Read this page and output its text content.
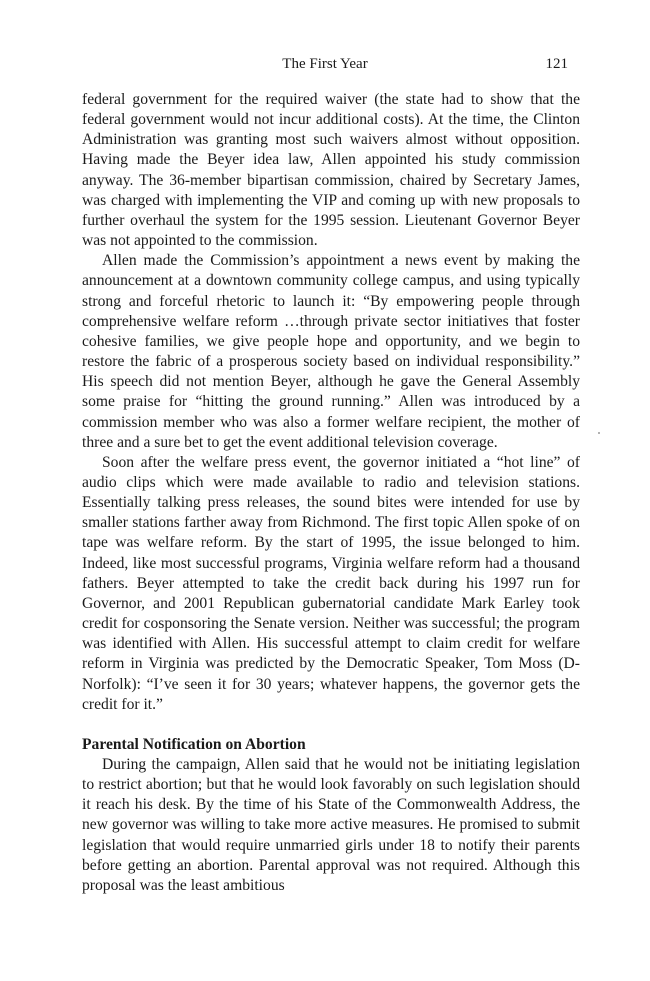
The First Year	121

federal government for the required waiver (the state had to show that the federal government would not incur additional costs). At the time, the Clinton Administration was granting most such waivers almost without opposition. Having made the Beyer idea law, Allen appointed his study commission anyway. The 36-member bipartisan commission, chaired by Secretary James, was charged with implementing the VIP and coming up with new proposals to further overhaul the system for the 1995 session. Lieutenant Governor Beyer was not appointed to the commission.

Allen made the Commission’s appointment a news event by making the announcement at a downtown community college campus, and using typically strong and forceful rhetoric to launch it: “By empowering people through comprehensive welfare reform …through private sector initiatives that foster cohesive families, we give people hope and opportunity, and we begin to restore the fabric of a prosperous society based on individual responsibility.” His speech did not mention Beyer, although he gave the General Assembly some praise for “hitting the ground running.” Allen was introduced by a commission member who was also a former welfare recipient, the mother of three and a sure bet to get the event additional television coverage.

Soon after the welfare press event, the governor initiated a “hot line” of audio clips which were made available to radio and television stations. Essentially talking press releases, the sound bites were intended for use by smaller stations farther away from Richmond. The first topic Allen spoke of on tape was welfare reform. By the start of 1995, the issue belonged to him. Indeed, like most successful programs, Virginia welfare reform had a thousand fathers. Beyer attempted to take the credit back during his 1997 run for Governor, and 2001 Republican gubernatorial candidate Mark Earley took credit for cosponsoring the Senate version. Neither was successful; the program was identified with Allen. His successful attempt to claim credit for welfare reform in Virginia was predicted by the Democratic Speaker, Tom Moss (D-Norfolk): “I’ve seen it for 30 years; whatever happens, the governor gets the credit for it.”

Parental Notification on Abortion

During the campaign, Allen said that he would not be initiating legislation to restrict abortion; but that he would look favorably on such legislation should it reach his desk. By the time of his State of the Commonwealth Address, the new governor was willing to take more active measures. He promised to submit legislation that would require unmarried girls under 18 to notify their parents before getting an abortion. Parental approval was not required. Although this proposal was the least ambitious
